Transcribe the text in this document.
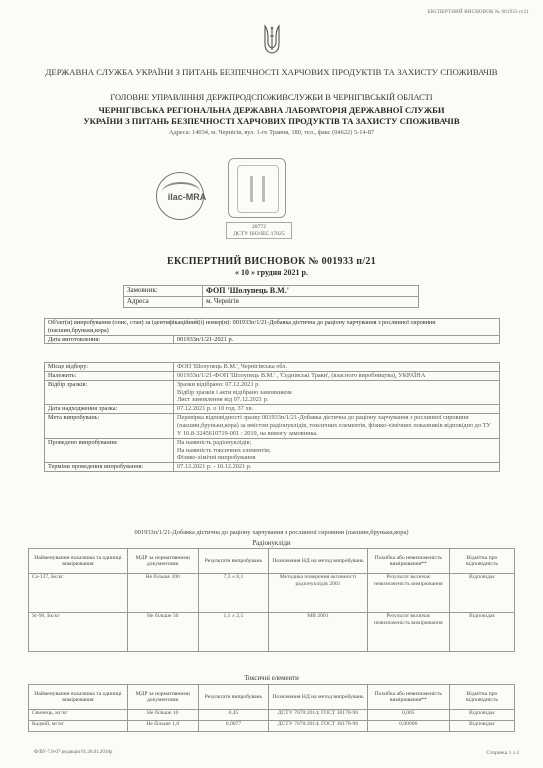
ЕКСПЕРТНИЙ ВИСНОВОК № 001933 п/21
ДЕРЖАВНА СЛУЖБА УКРАЇНИ З ПИТАНЬ БЕЗПЕЧНОСТІ ХАРЧОВИХ ПРОДУКТІВ ТА ЗАХИСТУ СПОЖИВАЧІВ
ГОЛОВНЕ УПРАВЛІННЯ ДЕРЖПРОДСПОЖИВСЛУЖБИ В ЧЕРНІГІВСЬКІЙ ОБЛАСТІ
ЧЕРНІГІВСЬКА РЕГІОНАЛЬНА ДЕРЖАВНА ЛАБОРАТОРІЯ ДЕРЖАВНОЇ СЛУЖБИ
УКРАЇНИ З ПИТАНЬ БЕЗПЕЧНОСТІ ХАРЧОВИХ ПРОДУКТІВ ТА ЗАХИСТУ СПОЖИВАЧІВ
Адреса: 14034, м. Чернігів, вул. 1-го Травня, 180, тел., факс (04622) 5-14-87
ilac-MRA
20772
ДСТУ ISO/IEC 17025
ЕКСПЕРТНИЙ ВИСНОВОК № 001933 п/21
« 10 » грудня 2021 р.
Замовник:	ФОП 'Шолупець В.М.'
Адреса	м. Чернігів
Об'єкт(и) випробування (опис, стан) за ідентифікаційний(і) номер(и): 001933п/1/21-Добавка дієтична до раціону харчування з рослинної сировини (паєшин,бруньки,кора)
Дата виготовлення:	001933п/1/21-2021 р.
Місце відбору:	ФОП 'Шолупець В.М.', Чернігівська обл.
Належить:	001933п/1/21-ФОП 'Шолупець В.М.' , 'Седнівські Трави', (власного виробництва), УКРАЇНА
Відбір зразків:	Зразки відібрано: 07.12.2021 р.
Відбір зразків і акти відібрано замовником
Лист замовлення від 07.12.2021 р.
Дата надходження зразка:	07.12.2021 р. о 10 год. 37 хв.
Мета випробувань:	Перевірка відповідності зразку 001933п/1/21-Добавка дієтична до раціону харчування з рослинної сировини (паєшин,бруньки,кора) за вмістом радіонуклідів, токсичних елементів, фізико-хімічних показників відповідно до ТУ У 10.8-3245610719-001 : 2019, на вимогу замовника.
Проведено випробування:	На наявність радіонуклідів;
На наявність токсичних елементів;
Фізико-хімічні випробування
Терміни проведення випробування:	07.12.2021 р. - 10.12.2021 р.
001933п/1/21-Добавка дієтична до раціону харчування з рослинної сировини (паєшин,бруньки,кора)
Радіонукліди
Найменування показника та одиниці вимірювання	МДР за нормативними документами	Результати випробувань	Позначення НД на метод випробувань	Похибка або невизначеність вимірювання**	Відмітка про відповідність
Cs-137, Бк/кг	Не більше 200	7,3 ± 8,1	Методика поверення активності радіонуклідів 2001	Результат включає невизначеність вимірювання	Відповідає
Sr-90, Бк/кг	Не більше 50	1,1 ± 2,5	МВ 2001	Результат включає невизначеність вимірювання	Відповідає
Токсичні елементи
Найменування показника та одиниці вимірювання	МДР за нормативними документами	Результати випробувань	Позначення НД на метод випробувань	Похибка або невизначеність вимірювання**	Відмітка про відповідність
Свинець, мг/кг	Не більше 10	0,45	ДСТУ 7670:2014; ГОСТ 30178-96	0,005	Відповідає
Кадмій, мг/кг	Не більше 1,0	0,0077	ДСТУ 7670:2014; ГОСТ 30178-96	0,00006	Відповідає
Ф/ВУ-7.8-07 редакція 01.26.01.2018р	Сторінка 1 з 2
